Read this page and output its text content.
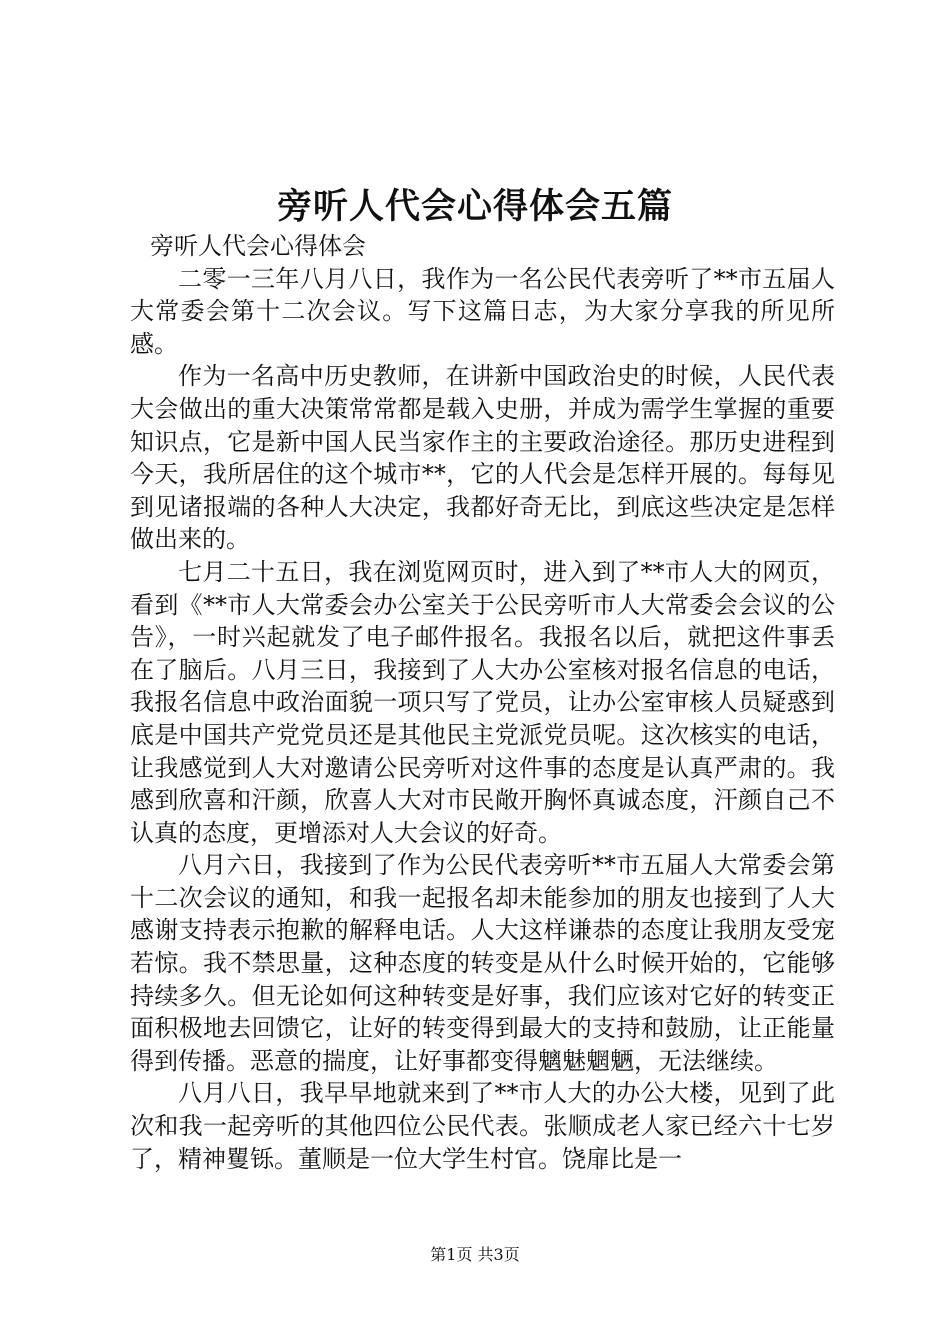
旁听人代会心得体会五篇

旁听人代会心得体会

二零一三年八月八日，我作为一名公民代表旁听了**市五届人大常委会第十二次会议。写下这篇日志，为大家分享我的所见所感。

作为一名高中历史教师，在讲新中国政治史的时候，人民代表大会做出的重大决策常常都是载入史册，并成为需学生掌握的重要知识点，它是新中国人民当家作主的主要政治途径。那历史进程到今天，我所居住的这个城市**，它的人代会是怎样开展的。每每见到见诸报端的各种人大决定，我都好奇无比，到底这些决定是怎样做出来的。

七月二十五日，我在浏览网页时，进入到了**市人大的网页，看到《**市人大常委会办公室关于公民旁听市人大常委会会议的公告》，一时兴起就发了电子邮件报名。我报名以后，就把这件事丢在了脑后。八月三日，我接到了人大办公室核对报名信息的电话，我报名信息中政治面貌一项只写了党员，让办公室审核人员疑惑到底是中国共产党党员还是其他民主党派党员呢。这次核实的电话，让我感觉到人大对邀请公民旁听对这件事的态度是认真严肃的。我感到欣喜和汗颜，欣喜人大对市民敞开胸怀真诚态度，汗颜自己不认真的态度，更增添对人大会议的好奇。

八月六日，我接到了作为公民代表旁听**市五届人大常委会第十二次会议的通知，和我一起报名却未能参加的朋友也接到了人大感谢支持表示抱歉的解释电话。人大这样谦恭的态度让我朋友受宠若惊。我不禁思量，这种态度的转变是从什么时候开始的，它能够持续多久。但无论如何这种转变是好事，我们应该对它好的转变正面积极地去回馈它，让好的转变得到最大的支持和鼓励，让正能量得到传播。恶意的揣度，让好事都变得魑魅魍魉，无法继续。

八月八日，我早早地就来到了**市人大的办公大楼，见到了此次和我一起旁听的其他四位公民代表。张顺成老人家已经六十七岁了，精神矍铄。董顺是一位大学生村官。饶扉比是一

第1页 共3页
